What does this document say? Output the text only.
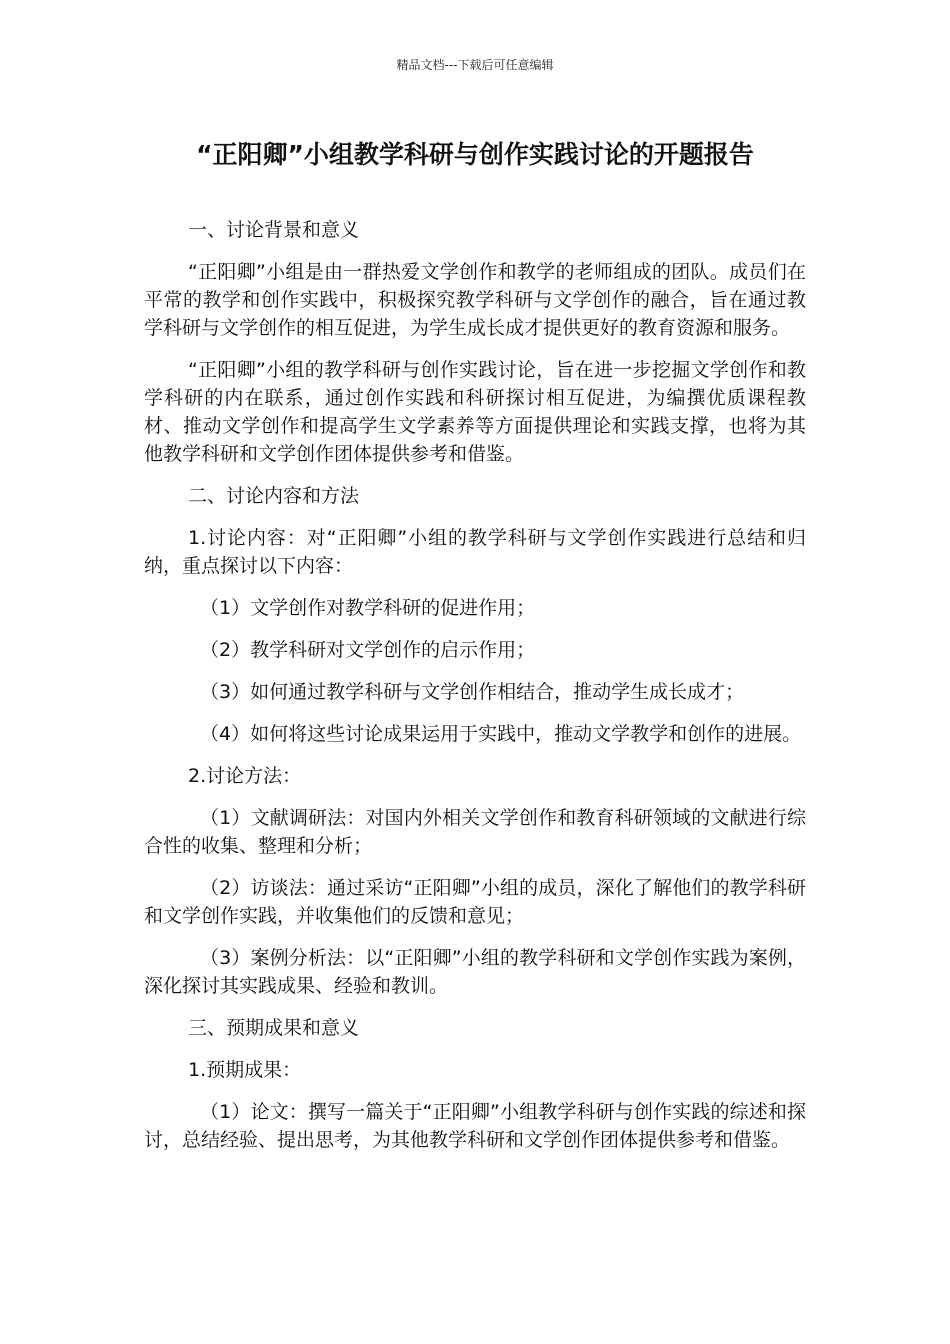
精品文档---下载后可任意编辑
“正阳卿”小组教学科研与创作实践讨论的开题报告

一、讨论背景和意义

“正阳卿”小组是由一群热爱文学创作和教学的老师组成的团队。成员们在平常的教学和创作实践中，积极探究教学科研与文学创作的融合，旨在通过教学科研与文学创作的相互促进，为学生成长成才提供更好的教育资源和服务。

“正阳卿”小组的教学科研与创作实践讨论，旨在进一步挖掘文学创作和教学科研的内在联系，通过创作实践和科研探讨相互促进，为编撰优质课程教材、推动文学创作和提高学生文学素养等方面提供理论和实践支撑，也将为其他教学科研和文学创作团体提供参考和借鉴。

二、讨论内容和方法

1.讨论内容：对“正阳卿”小组的教学科研与文学创作实践进行总结和归纳，重点探讨以下内容：

（1）文学创作对教学科研的促进作用；

（2）教学科研对文学创作的启示作用；

（3）如何通过教学科研与文学创作相结合，推动学生成长成才；

（4）如何将这些讨论成果运用于实践中，推动文学教学和创作的进展。

2.讨论方法：

（1）文献调研法：对国内外相关文学创作和教育科研领域的文献进行综合性的收集、整理和分析；

（2）访谈法：通过采访“正阳卿”小组的成员，深化了解他们的教学科研和文学创作实践，并收集他们的反馈和意见；

（3）案例分析法：以“正阳卿”小组的教学科研和文学创作实践为案例，深化探讨其实践成果、经验和教训。

三、预期成果和意义

1.预期成果：

（1）论文：撰写一篇关于“正阳卿”小组教学科研与创作实践的综述和探讨，总结经验、提出思考，为其他教学科研和文学创作团体提供参考和借鉴。
